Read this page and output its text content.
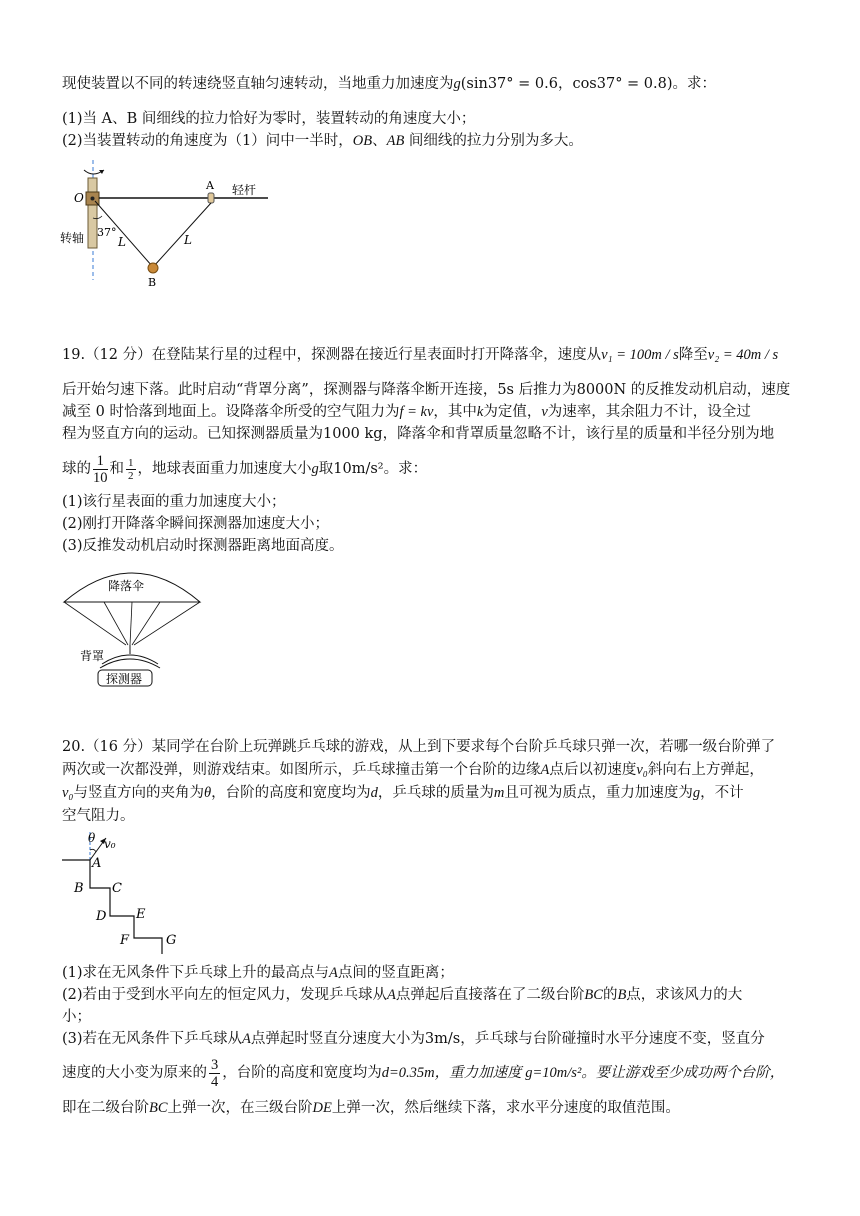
现使装置以不同的转速绕竖直轴匀速转动，当地重力加速度为g(sin37° = 0.6，cos37° = 0.8)。求：
(1)当 A、B 间细线的拉力恰好为零时，装置转动的角速度大小；
(2)当装置转动的角速度为（1）问中一半时，OB、AB 间细线的拉力分别为多大。
O
A 轻杆
转轴 37°
L	L
B
19.（12 分）在登陆某行星的过程中，探测器在接近行星表面时打开降落伞，速度从v₁ = 100m / s降至v₂ = 40m / s
后开始匀速下落。此时启动“背罩分离”，探测器与降落伞断开连接，5s 后推力为8000N 的反推发动机启动，速度
减至 0 时恰落到地面上。设降落伞所受的空气阻力为f = kv，其中k为定值，v为速率，其余阻力不计，设全过
程为竖直方向的运动。已知探测器质量为1000 kg，降落伞和背罩质量忽略不计，该行星的质量和半径分别为地
球的 $\frac{1}{10}$ 和 $\frac{1}{2}$ ，地球表面重力加速度大小g取10m/s²。求：
(1)该行星表面的重力加速度大小；
(2)刚打开降落伞瞬间探测器加速度大小；
(3)反推发动机启动时探测器距离地面高度。
降落伞
背罩
探测器
20.（16 分）某同学在台阶上玩弹跳乒乓球的游戏，从上到下要求每个台阶乒乓球只弹一次，若哪一级台阶弹了
两次或一次都没弹，则游戏结束。如图所示，乒乓球撞击第一个台阶的边缘A点后以初速度v₀斜向右上方弹起，
v₀与竖直方向的夹角为θ，台阶的高度和宽度均为d，乒乓球的质量为m且可视为质点，重力加速度为g，不计
空气阻力。
θ v₀
A
B C
D E
F	G
(1)求在无风条件下乒乓球上升的最高点与A点间的竖直距离；
(2)若由于受到水平向左的恒定风力，发现乒乓球从A点弹起后直接落在了二级台阶BC的B点，求该风力的大
小；
(3)若在无风条件下乒乓球从A点弹起时竖直分速度大小为3m/s，乒乓球与台阶碰撞时水平分速度不变，竖直分
速度的大小变为原来的 $\frac{3}{4}$ ，台阶的高度和宽度均为d=0.35m，重力加速度 g=10m/s²。要让游戏至少成功两个台阶，
即在二级台阶BC上弹一次，在三级台阶DE上弹一次，然后继续下落，求水平分速度的取值范围。
